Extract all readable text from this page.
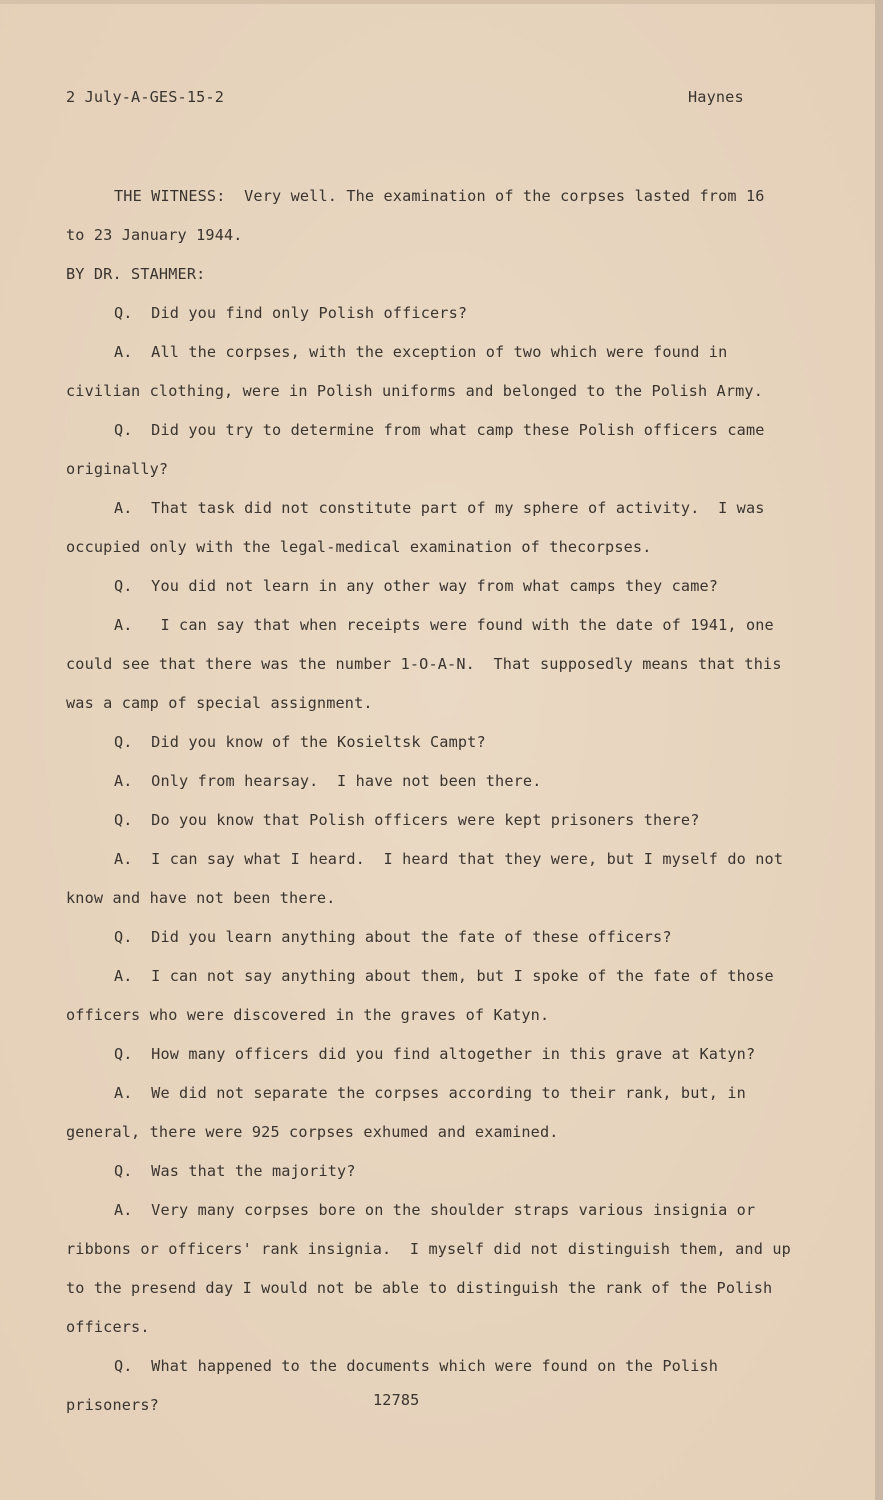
2 July-A-GES-15-2	Haynes
THE WITNESS:  Very well. The examination of the corpses lasted from 16
to 23 January 1944.
BY DR. STAHMER:
Q.  Did you find only Polish officers?
A.  All the corpses, with the exception of two which were found in
civilian clothing, were in Polish uniforms and belonged to the Polish Army.
Q.  Did you try to determine from what camp these Polish officers came
originally?
A.  That task did not constitute part of my sphere of activity.  I was
occupied only with the legal-medical examination of thecorpses.
Q.  You did not learn in any other way from what camps they came?
A.   I can say that when receipts were found with the date of 1941, one
could see that there was the number 1-O-A-N.  That supposedly means that this
was a camp of special assignment.
Q.  Did you know of the Kosieltsk Campt?
A.  Only from hearsay.  I have not been there.
Q.  Do you know that Polish officers were kept prisoners there?
A.  I can say what I heard.  I heard that they were, but I myself do not
know and have not been there.
Q.  Did you learn anything about the fate of these officers?
A.  I can not say anything about them, but I spoke of the fate of those
officers who were discovered in the graves of Katyn.
Q.  How many officers did you find altogether in this grave at Katyn?
A.  We did not separate the corpses according to their rank, but, in
general, there were 925 corpses exhumed and examined.
Q.  Was that the majority?
A.  Very many corpses bore on the shoulder straps various insignia or
ribbons or officers' rank insignia.  I myself did not distinguish them, and up
to the presend day I would not be able to distinguish the rank of the Polish
officers.
Q.  What happened to the documents which were found on the Polish
prisoners?	12785
